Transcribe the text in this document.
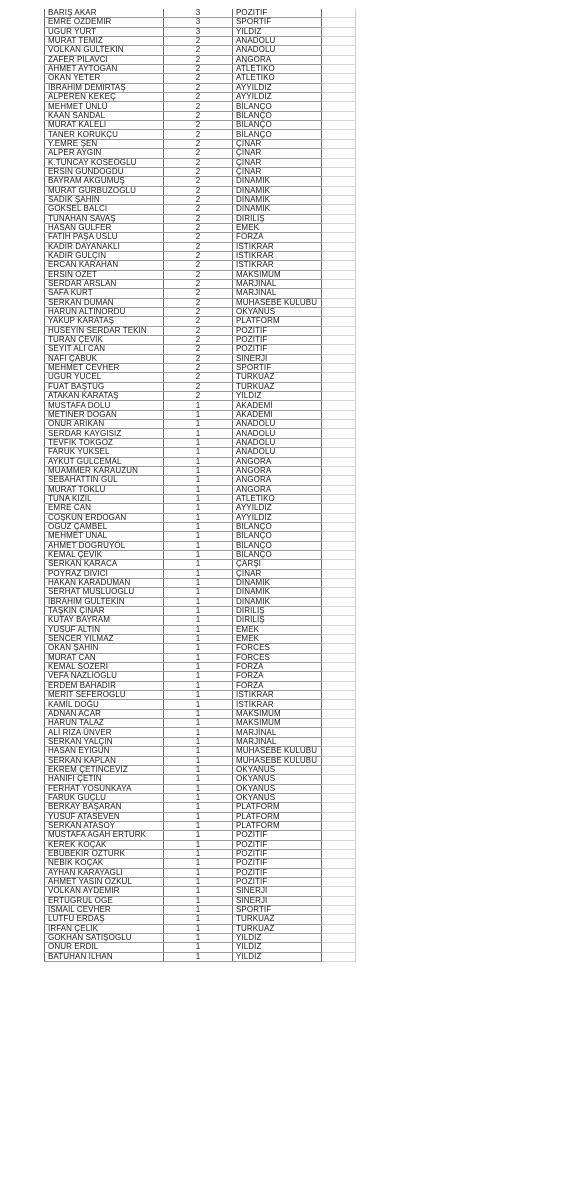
BARIŞ AKAR	3	POZİTİF	
EMRE ÖZDEMİR	3	SPORTİF	
UĞUR YURT	3	YILDIZ	
MURAT TEMİZ	2	ANADOLU	
VOLKAN GÜLTEKİN	2	ANADOLU	
ZAFER PİLAVCI	2	ANGORA	
AHMET AYTOĞAN	2	ATLETİKO	
OKAN YETER	2	ATLETİKO	
İBRAHİM DEMİRTAŞ	2	AYYILDIZ	
ALPEREN KEKEÇ	2	AYYILDIZ	
MEHMET ÜNLÜ	2	BİLANÇO	
KAAN SANDAL	2	BİLANÇO	
MURAT KALELİ	2	BİLANÇO	
TANER KORUKÇU	2	BİLANÇO	
Y.EMRE ŞEN	2	ÇINAR	
ALPER AYGIN	2	ÇINAR	
K.TUNCAY KÖSEOĞLU	2	ÇINAR	
ERSİN GÜNDOĞDU	2	ÇINAR	
BAYRAM AKGÜMÜŞ	2	DİNAMİK	
MURAT GÜRBÜZOĞLU	2	DİNAMİK	
SADIK ŞAHİN	2	DİNAMİK	
GÖKSEL BALCI	2	DİNAMİK	
TUNAHAN SAVAŞ	2	DİRİLİŞ	
HASAN GÜLFER	2	EMEK	
FATİH PAŞA USLU	2	FORZA	
KADİR DAYANAKLI	2	İSTİKRAR	
KADİR GÜLÇİN	2	İSTİKRAR	
ERCAN KARAHAN	2	İSTİKRAR	
ERSİN ÖZET	2	MAKSİMUM	
SERDAR ARSLAN	2	MARJİNAL	
SAFA KURT	2	MARJİNAL	
SERKAN DUMAN	2	MUHASEBE KULÜBÜ	
HARUN ALTINORDU	2	OKYANUS	
YAKUP KARATAŞ	2	PLATFORM	
HÜSEYİN SERDAR TEKİN	2	POZİTİF	
TURAN ÇEVİK	2	POZİTİF	
SEYİT ALİ CAN	2	POZİTİF	
NAFİ ÇABUK	2	SİNERJİ	
MEHMET CEVHER	2	SPORTİF	
UĞUR YÜCEL	2	TURKUAZ	
FUAT BAŞTUĞ	2	TURKUAZ	
ATAKAN KARATAŞ	2	YILDIZ	
MUSTAFA DOLU	1	AKADEMİ	
METİNER DOĞAN	1	AKADEMİ	
ONUR ARIKAN	1	ANADOLU	
SERDAR KAYGISIZ	1	ANADOLU	
TEVFİK TOKGÖZ	1	ANADOLU	
FARUK YÜKSEL	1	ANADOLU	
AYKUT GÜLCEMAL	1	ANGORA	
MUAMMER KARAUZUN	1	ANGORA	
SEBAHATTİN GÜL	1	ANGORA	
MURAT TOKLU	1	ANGORA	
TUNA KIZIL	1	ATLETİKO	
EMRE CAN	1	AYYILDIZ	
COŞKUN ERDOĞAN	1	AYYILDIZ	
OĞUZ ÇAMBEL	1	BİLANÇO	
MEHMET ÜNAL	1	BİLANÇO	
AHMET DOĞRUYOL	1	BİLANÇO	
KEMAL ÇEVİK	1	BİLANÇO	
SERKAN KARACA	1	ÇARŞI	
POYRAZ DİVİCİ	1	ÇINAR	
HAKAN KARADUMAN	1	DİNAMİK	
SERHAT MUSLUOĞLU	1	DİNAMİK	
İBRAHİM GÜLTEKİN	1	DİNAMİK	
TAŞKIN ÇINAR	1	DİRİLİŞ	
KUTAY BAYRAM	1	DİRİLİŞ	
YUSUF ALTIN	1	EMEK	
SENCER YILMAZ	1	EMEK	
OKAN ŞAHİN	1	FORCES	
MURAT CAN	1	FORCES	
KEMAL SÖZERİ	1	FORZA	
VEFA NAZLIOĞLU	1	FORZA	
ERDEM BAHADIR	1	FORZA	
MERİT SEFEROĞLU	1	İSTİKRAR	
KAMİL DOĞU	1	İSTİKRAR	
ADNAN ACAR	1	MAKSİMUM	
HARUN TALAZ	1	MAKSİMUM	
ALİ RIZA ÜNVER	1	MARJİNAL	
SERKAN YALÇIN	1	MARJİNAL	
HASAN EYİGÜN	1	MUHASEBE KULÜBÜ	
SERKAN KAPLAN	1	MUHASEBE KULÜBÜ	
EKREM ÇETİNCEVİZ	1	OKYANUS	
HANİFİ ÇETİN	1	OKYANUS	
FERHAT YOSUNKAYA	1	OKYANUS	
FARUK GÜÇLÜ	1	OKYANUS	
BERKAY BAŞARAN	1	PLATFORM	
YUSUF ATASEVEN	1	PLATFORM	
SERKAN ATASOY	1	PLATFORM	
MUSTAFA AĞAH ERTÜRK	1	POZİTİF	
KEREK KOÇAK	1	POZİTİF	
EBUBEKİR ÖZTÜRK	1	POZİTİF	
NEBİK KOÇAK	1	POZİTİF	
AYHAN KARAYAĞLI	1	POZİTİF	
AHMET YASİN ÖZKUL	1	POZİTİF	
VOLKAN AYDEMİR	1	SİNERJİ	
ERTUĞRUL OĞE	1	SİNERJİ	
İSMAİL CEVHER	1	SPORTİF	
LÜTFÜ ERDAŞ	1	TURKUAZ	
İRFAN ÇELİK	1	TURKUAZ	
GÖKHAN SATIŞOĞLU	1	YILDIZ	
ONUR ERDİL	1	YILDIZ	
BATUHAN İLHAN	1	YILDIZ	
